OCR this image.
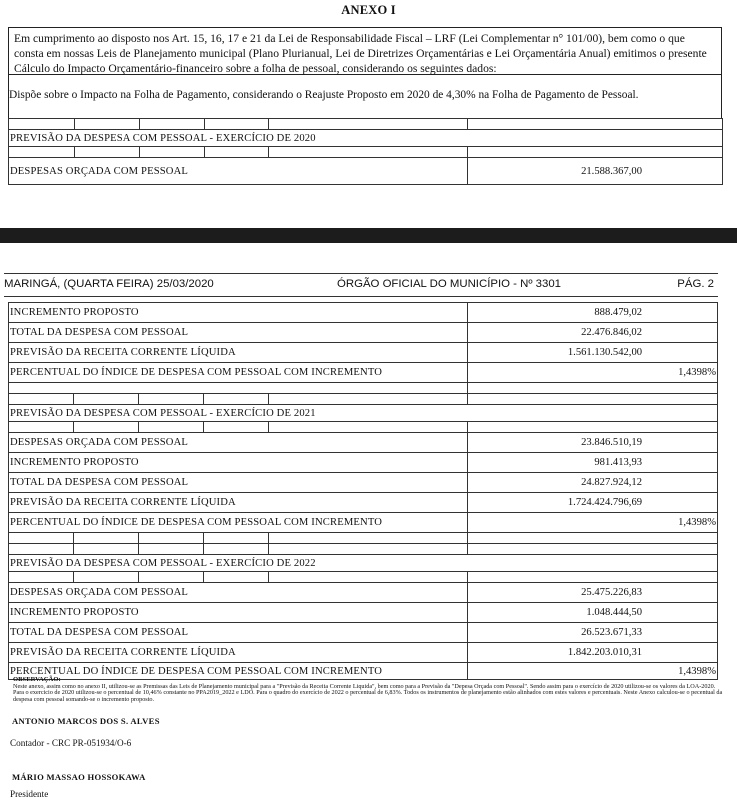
ANEXO I
Em cumprimento ao disposto nos Art. 15, 16, 17 e 21 da Lei de Responsabilidade Fiscal – LRF (Lei Complementar n° 101/00), bem como o que consta em nossas Leis de Planejamento municipal (Plano Plurianual, Lei de Diretrizes Orçamentárias e Lei Orçamentária Anual) emitimos o presente Cálculo do Impacto Orçamentário-financeiro sobre a folha de pessoal, considerando os seguintes dados:
Dispõe sobre o Impacto na Folha de Pagamento, considerando o Reajuste Proposto em 2020 de 4,30% na Folha de Pagamento de Pessoal.

PREVISÃO DA DESPESA COM PESSOAL - EXERCÍCIO DE 2020					

DESPESAS ORÇADA COM PESSOAL					21.588.367,00
MARINGÁ, (QUARTA FEIRA) 25/03/2020	ÓRGÃO OFICIAL DO MUNICÍPIO - Nº 3301	PÁG. 2
INCREMENTO PROPOSTO					888.479,02
TOTAL DA DESPESA COM PESSOAL					22.476.846,02
PREVISÃO DA RECEITA CORRENTE LÍQUIDA					1.561.130.542,00
PERCENTUAL DO ÍNDICE DE DESPESA COM PESSOAL COM INCREMENTO					1,4398%

PREVISÃO DA DESPESA COM PESSOAL - EXERCÍCIO DE 2021					

DESPESAS ORÇADA COM PESSOAL					23.846.510,19
INCREMENTO PROPOSTO					981.413,93
TOTAL DA DESPESA COM PESSOAL					24.827.924,12
PREVISÃO DA RECEITA CORRENTE LÍQUIDA					1.724.424.796,69
PERCENTUAL DO ÍNDICE DE DESPESA COM PESSOAL COM INCREMENTO					1,4398%

PREVISÃO DA DESPESA COM PESSOAL - EXERCÍCIO DE 2022					

DESPESAS ORÇADA COM PESSOAL					25.475.226,83
INCREMENTO PROPOSTO					1.048.444,50
TOTAL DA DESPESA COM PESSOAL					26.523.671,33
PREVISÃO DA RECEITA CORRENTE LÍQUIDA					1.842.203.010,31
PERCENTUAL DO ÍNDICE DE DESPESA COM PESSOAL COM INCREMENTO					1,4398%
OBSERVAÇÃO:
Neste anexo, assim como no anexo II, utilizou-se as Premissas das Leis de Planejamento municipal para a "Previsão da Receita Corrente Liquida", bem como para a Previsão da "Depesa Orçada com Pessoal". Sendo assim para o exercício de 2020 utilizou-se os valores da LOA-2020. Para o exercicio de 2020 utilizou-se o percentual de 10,46% constante no PPA2019_2022 e LDO. Para o quadro do exercício de 2022 o percentual de 6,83%. Todos os instrumentos de planejamento estão alinhados com estes valores e percentuais. Neste Anexo calculou-se o pecentual da despesa com pessoal somando-se o incremento proposto.
ANTONIO MARCOS DOS S. ALVES
Contador - CRC PR-051934/O-6
MÁRIO MASSAO HOSSOKAWA
Presidente
